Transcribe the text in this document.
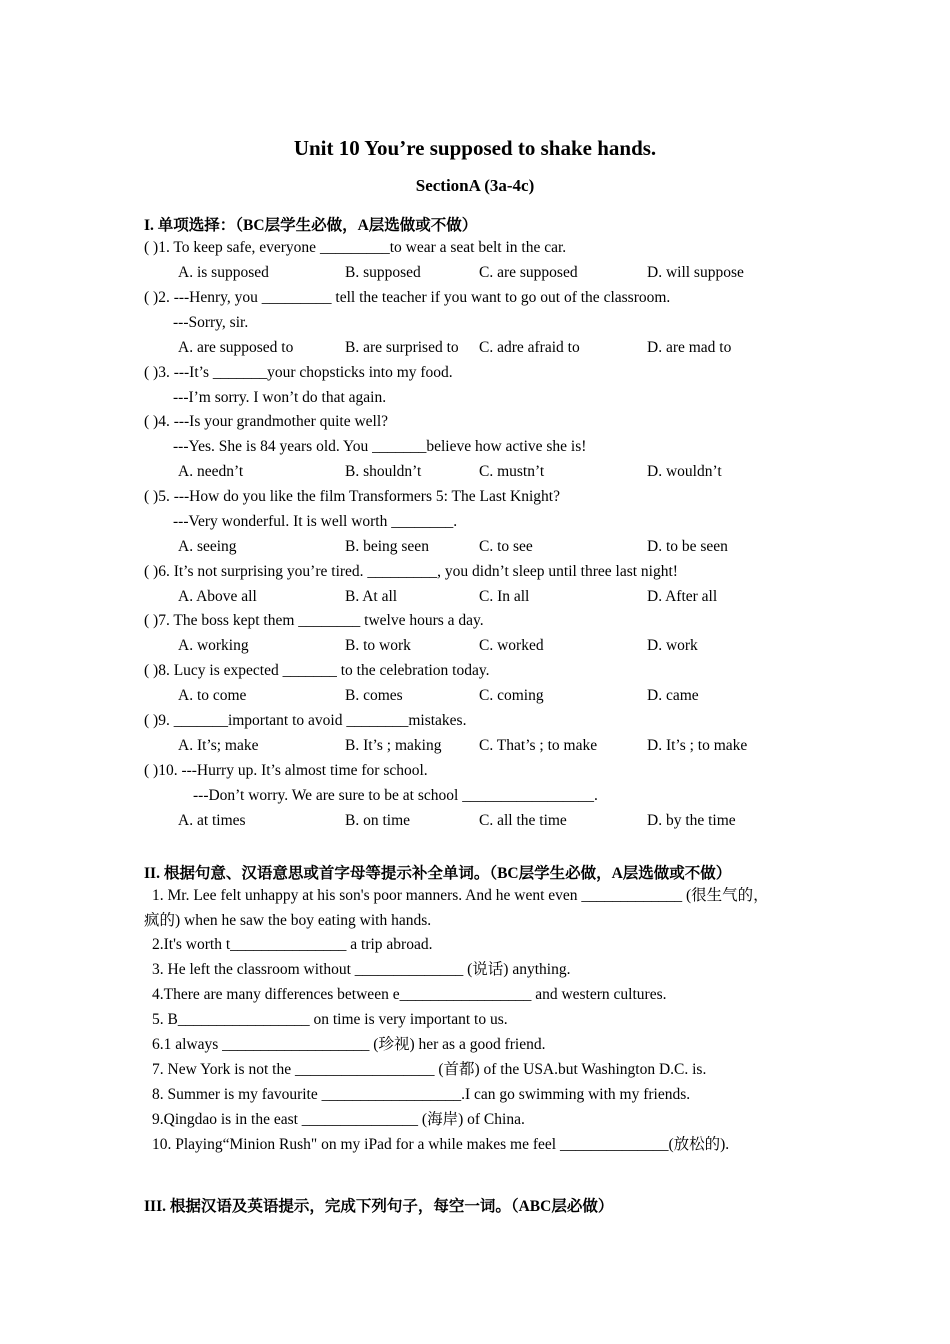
Unit 10 You’re supposed to shake hands.
SectionA (3a-4c)
I. 单项选择：（BC层学生必做，A层选做或不做）
( )1. To keep safe, everyone _________to wear a seat belt in the car.
A. is supposed	B. supposed	C. are supposed	D. will suppose
( )2. ---Henry, you _________ tell the teacher if you want to go out of the classroom.
---Sorry, sir.
A. are supposed to	B. are surprised to C. adre afraid to	D. are mad to
( )3. ---It’s _______your chopsticks into my food.
---I’m sorry. I won’t do that again.
( )4. ---Is your grandmother quite well?
---Yes. She is 84 years old. You _______believe how active she is!
A. needn’t	B. shouldn’t	C. mustn’t	D. wouldn’t
( )5. ---How do you like the film Transformers 5: The Last Knight?
---Very wonderful. It is well worth ________.
A. seeing	B. being seen	C. to see	D. to be seen
( )6. It’s not surprising you’re tired. _________, you didn’t sleep until three last night!
A. Above all	B. At all	C. In all	D. After all
( )7. The boss kept them ________ twelve hours a day.
A. working	B. to work	C. worked	D. work
( )8. Lucy is expected _______ to the celebration today.
A. to come	B. comes	C. coming	D. came
( )9. _______important to avoid ________mistakes.
A. It’s; make	B. It’s ; making C. That’s ; to make	D. It’s ; to make
( )10. ---Hurry up. It’s almost time for school.
---Don’t worry. We are sure to be at school _________________.
A. at times	B. on time	C. all the time	D. by the time
II. 根据句意、汉语意思或首字母等提示补全单词。（BC层学生必做，A层选做或不做）
1. Mr. Lee felt unhappy at his son's poor manners. And he went even _____________ (很生气的，
疯的) when he saw the boy eating with hands.
2.It's worth t_______________ a trip abroad.
3. He left the classroom without ______________ (说话) anything.
4.There are many differences between e_________________ and western cultures.
5. B_________________ on time is very important to us.
6.1 always ___________________ (珍视) her as a good friend.
7. New York is not the __________________ (首都) of the USA.but Washington D.C. is.
8. Summer is my favourite __________________.I can go swimming with my friends.
9.Qingdao is in the east _______________ (海岸) of China.
10. Playing“Minion Rush" on my iPad for a while makes me feel ______________(放松的).
III. 根据汉语及英语提示，完成下列句子，每空一词。（ABC层必做）
